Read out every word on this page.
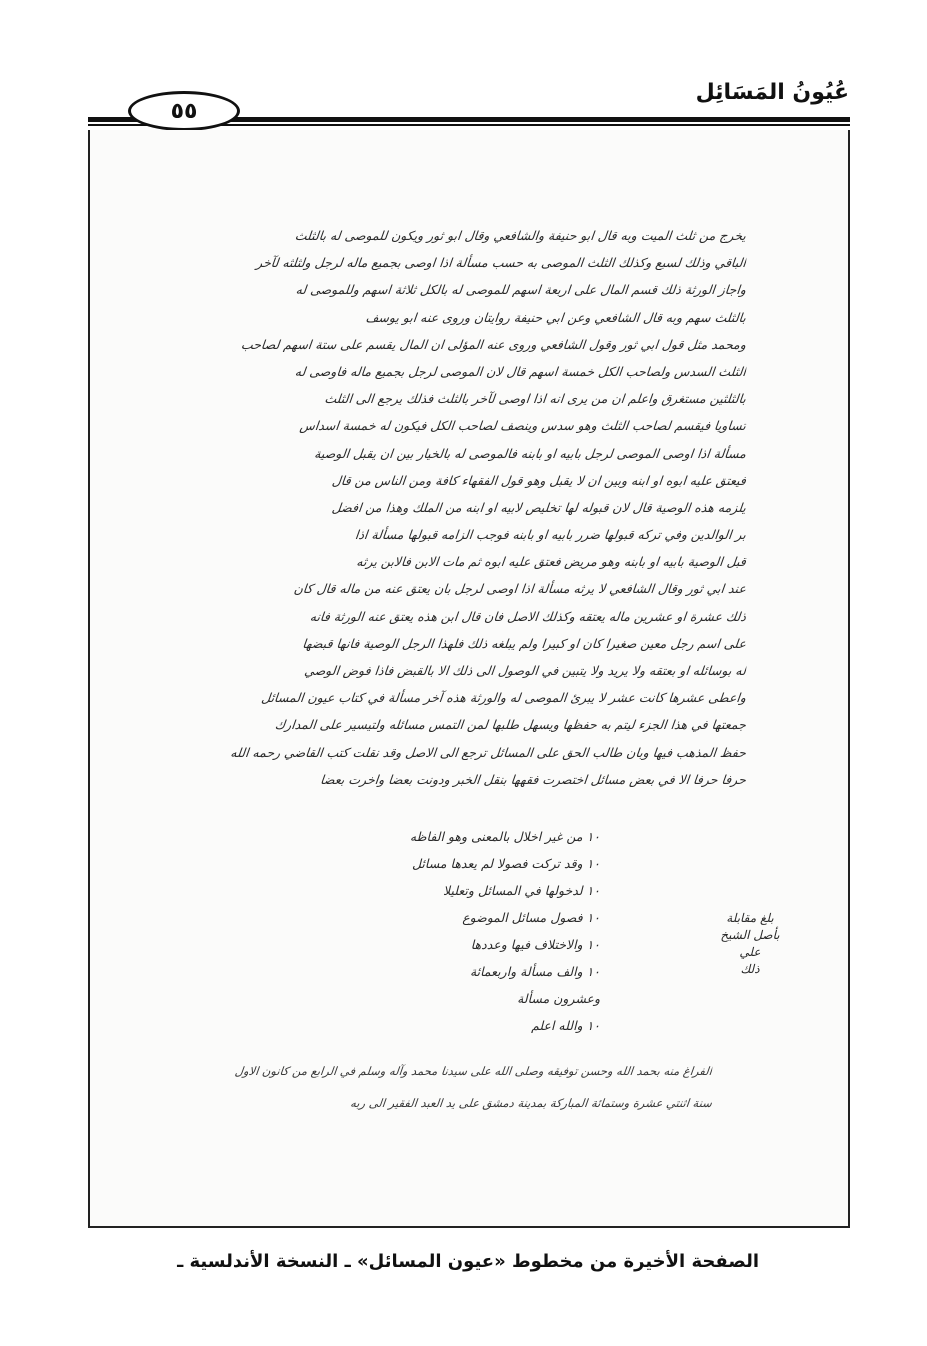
عُيُونُ المَسَائِل
٥٥
يخرج من ثلث الميت وبه قال ابو حنيفة والشافعي وقال ابو ثور ويكون للموصى له بالثلث
الباقي وذلك لسبع وكذلك الثلث الموصى به حسب مسألة اذا اوصى بجميع ماله لرجل ولثلثه لآخر
واجاز الورثة ذلك قسم المال على اربعة اسهم للموصى له بالكل ثلاثة اسهم وللموصى له
بالثلث سهم وبه قال الشافعي وعن ابي حنيفة روايتان وروى عنه ابو يوسف
ومحمد مثل قول ابي ثور وقول الشافعي وروى عنه المؤلى ان المال يقسم على ستة اسهم لصاحب
الثلث السدس ولصاحب الكل خمسة اسهم قال لان الموصى لرجل بجميع ماله فاوصى له
بالثلثين مستغرق واعلم ان من يرى انه اذا اوصى لآخر بالثلث فذلك يرجع الى الثلث
تساويا فيقسم لصاحب الثلث وهو سدس وينصف لصاحب الكل فيكون له خمسة اسداس
مسألة اذا اوصى الموصى لرجل بابيه او بابنه فالموصى له بالخيار بين ان يقبل الوصية
فيعتق عليه ابوه او ابنه وبين ان لا يقبل وهو قول الفقهاء كافة ومن الناس من قال
يلزمه هذه الوصية قال لان قبوله لها تخليص لابيه او ابنه من الملك وهذا من افضل
بر الوالدين وفي تركه قبولها ضرر بابيه او بابنه فوجب الزامه قبولها مسألة اذا
قبل الوصية بابيه او بابنه وهو مريض فعتق عليه ابوه ثم مات الابن فالابن يرثه
عند ابي ثور وقال الشافعي لا يرثه مسألة اذا اوصى لرجل بان يعتق عنه من ماله قال كان
ذلك عشرة او عشرين ماله يعتقه وكذلك الاصل فان قال ابن هذه يعتق عنه الورثة فانه
على اسم رجل معين صغيرا كان او كبيرا ولم يبلغه ذلك فلهذا الرجل الوصية فانها قبضها
له بوسائله او بعتقه ولا يريد ولا يتبين في الوصول الى ذلك الا بالقبض فاذا فوض الوصي
واعطى عشرها كانت عشر لا يبرئ الموصى له والورثة هذه آخر مسألة في كتاب عيون المسائل
جمعتها في هذا الجزء ليتم به حفظها ويسهل طلبها لمن التمس مسائله ولتيسير على المدارك
حفظ المذهب فيها وبان طالب الحق على المسائل ترجع الى الاصل وقد نقلت كتب القاضي رحمه الله
حرفا حرفا الا في بعض مسائل اختصرت فقهها بنقل الخبر ودونت بعضا واخرت بعضا
١٠ من غير اخلال بالمعنى وهو الفاظه
١٠ وقد تركت فصولا لم يعدها مسائل
١٠ لدخولها في المسائل وتعليلا
١٠ فصول مسائل الموضوع
١٠ والاختلاف فيها وعددها
١٠ والف مسألة واربعمائة
وعشرون مسألة
١٠ والله اعلم
بلغ مقابلة
بأصل الشيخ علي
ذلك
الفراغ منه بحمد الله وحسن توفيقه وصلى الله على سيدنا محمد وآله وسلم في الرابع من كانون الاول
سنة اثنتي عشرة وستمائة المباركة بمدينة دمشق على يد العبد الفقير الى ربه
الصفحة الأخيرة من مخطوط «عيون المسائل» ـ النسخة الأندلسية ـ
